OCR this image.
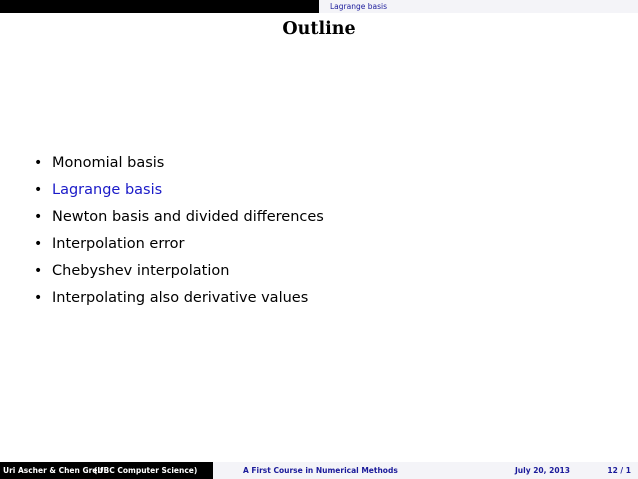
Lagrange basis
Outline
• Monomial basis
• Lagrange basis
• Newton basis and divided differences
• Interpolation error
• Chebyshev interpolation
• Interpolating also derivative values
Uri Ascher & Chen Greif
(UBC Computer Science)	A First Course in Numerical Methods	July 20, 2013	12 / 1
